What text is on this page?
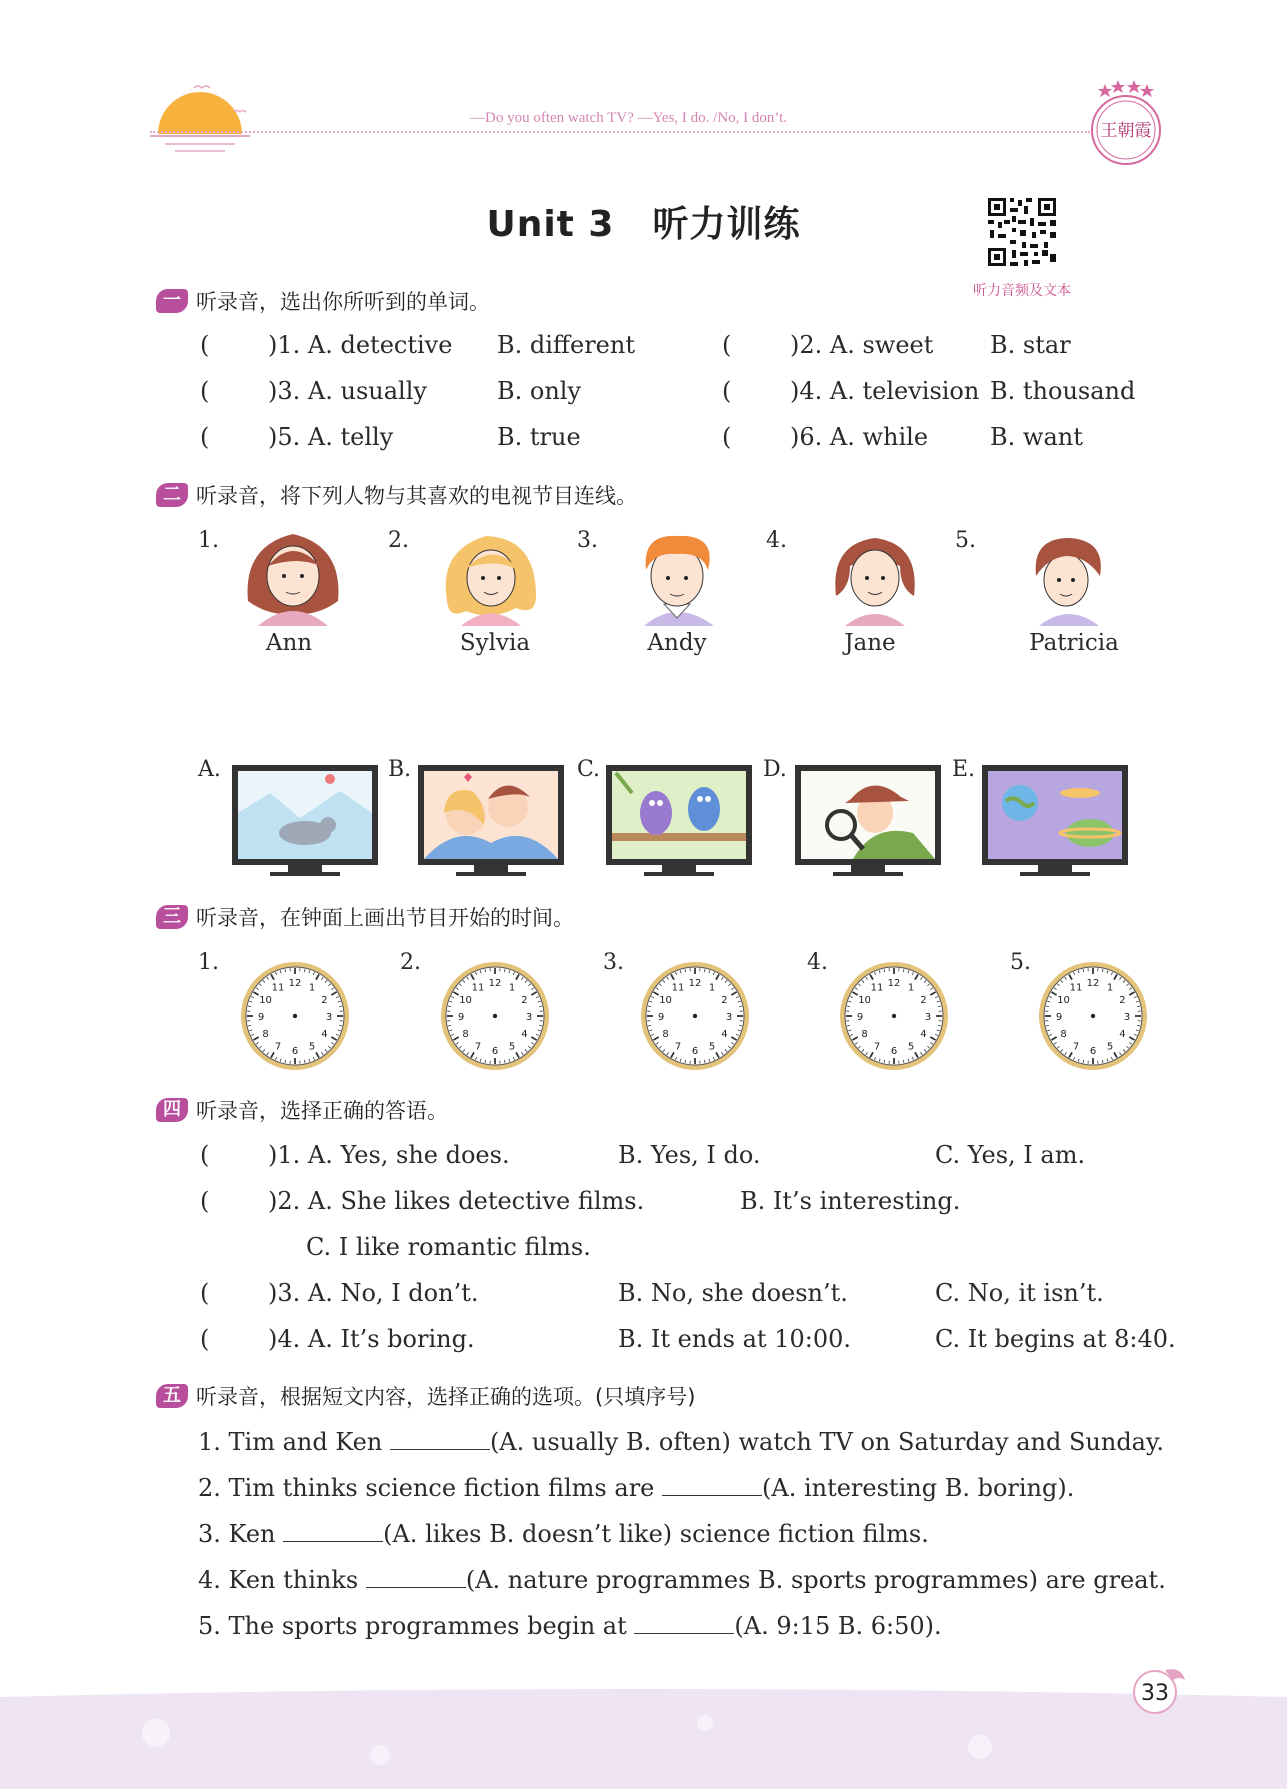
—Do you often watch TV? —Yes, I do. /No, I don’t.
王朝霞
Unit 3 听力训练
听力音频及文本
一 听录音，选出你所听到的单词。
( )1. A. detective B. different	( )2. A. sweet B. star
( )3. A. usually	B. only	( )4. A. television B. thousand
( )5. A. telly	B. true	( )6. A. while	B. want
二 听录音，将下列人物与其喜欢的电视节目连线。
1.
Ann
2.
Sylvia
3.
Andy
4.
Jane
5.
Patricia
A.	B.	C.	D.	E.
三 听录音，在钟面上画出节目开始的时间。
1.
12 1
2
3
4
5
6
7
8
9
10
11
2.
12 1
2
3
4
5
6
7
8
9
10
11
3.
12 1
2
3
4
5
6
7
8
9
10
11
4.
12 1
2
3
4
5
6
7
8
9
10
11
5.
12 1
2
3
4
5
6
7
8
9
10
11
四 听录音，选择正确的答语。
( )1. A. Yes, she does.	B. Yes, I do.	C. Yes, I am.
( )2. A. She likes detective films.	B. It’s interesting.
C. I like romantic films.
( )3. A. No, I don’t.	B. No, she doesn’t.	C. No, it isn’t.
( )4. A. It’s boring.	B. It ends at 10:00.	C. It begins at 8:40.
五 听录音，根据短文内容，选择正确的选项。(只填序号)
1. Tim and Ken	(A. usually B. often) watch TV on Saturday and Sunday.
2. Tim thinks science fiction films are	(A. interesting B. boring).
3. Ken	(A. likes B. doesn’t like) science fiction films.
4. Ken thinks	(A. nature programmes B. sports programmes) are great.
5. The sports programmes begin at	(A. 9:15 B. 6:50).
33
